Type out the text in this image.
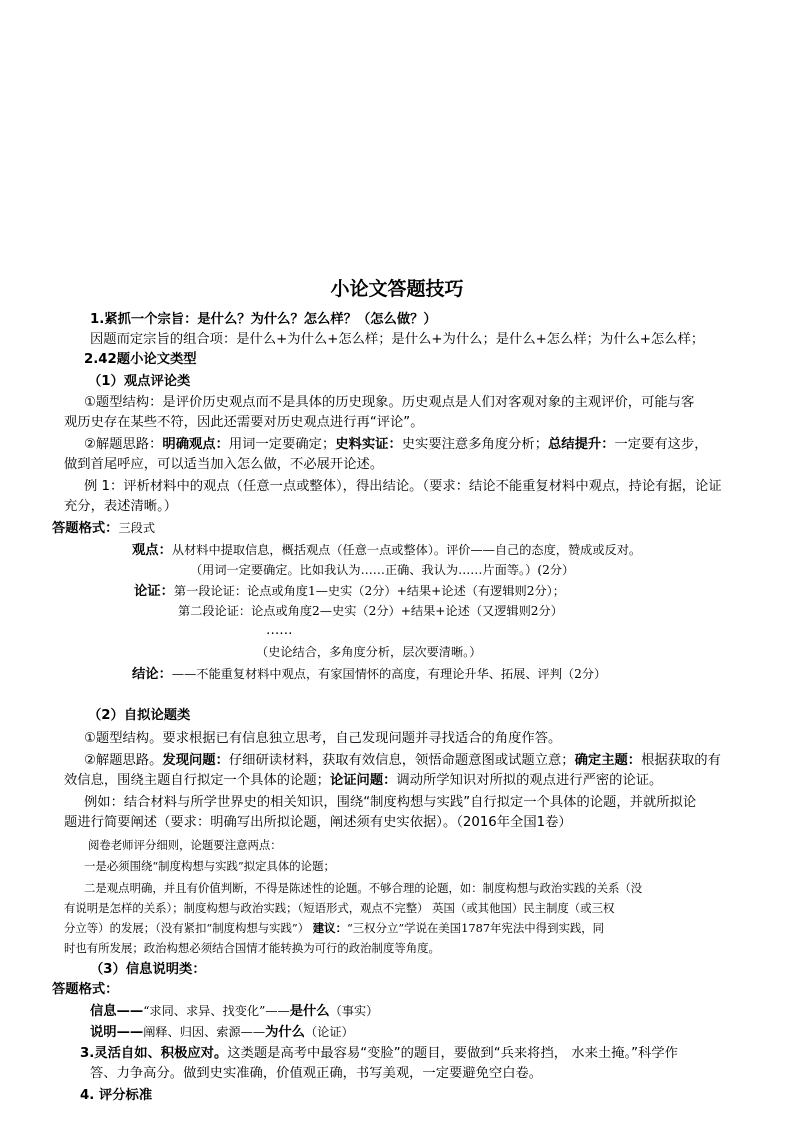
小论文答题技巧
1.紧抓一个宗旨：是什么？为什么？怎么样？（怎么做？）
因题而定宗旨的组合项：是什么+为什么+怎么样；是什么+为什么；是什么+怎么样；为什么+怎么样；
2.42题小论文类型
（1）观点评论类
①题型结构：是评价历史观点而不是具体的历史现象。历史观点是人们对客观对象的主观评价，可能与客
观历史存在某些不符，因此还需要对历史观点进行再“评论”。
②解题思路：明确观点：用词一定要确定；史料实证：史实要注意多角度分析；总结提升：一定要有这步，
做到首尾呼应，可以适当加入怎么做，不必展开论述。
例 1：评析材料中的观点（任意一点或整体），得出结论。（要求：结论不能重复材料中观点，持论有据，论证
充分，表述清晰。）
答题格式：三段式
观点：从材料中提取信息，概括观点（任意一点或整体）。评价——自己的态度，赞成或反对。
（用词一定要确定。比如我认为……正确、我认为……片面等。）(2分）
论证：第一段论证：论点或角度1—史实（2分）+结果+论述（有逻辑则2分）；
第二段论证：论点或角度2—史实（2分）+结果+论述（又逻辑则2分）
……
（史论结合，多角度分析，层次要清晰。）
结论：——不能重复材料中观点，有家国情怀的高度，有理论升华、拓展、评判（2分）
（2）自拟论题类
①题型结构。要求根据已有信息独立思考，自己发现问题并寻找适合的角度作答。
②解题思路。发现问题：仔细研读材料，获取有效信息，领悟命题意图或试题立意；确定主题：根据获取的有
效信息，围绕主题自行拟定一个具体的论题；论证问题：调动所学知识对所拟的观点进行严密的论证。
例如：结合材料与所学世界史的相关知识，围绕“制度构想与实践”自行拟定一个具体的论题，并就所拟论
题进行简要阐述（要求：明确写出所拟论题，阐述须有史实依据）。（2016年全国1卷）
阅卷老师评分细则，论题要注意两点：
一是必须围绕“制度构想与实践”拟定具体的论题；
二是观点明确，并且有价值判断，不得是陈述性的论题。不够合理的论题，如：制度构想与政治实践的关系（没
有说明是怎样的关系）；制度构想与政治实践；（短语形式，观点不完整） 英国（或其他国）民主制度（或三权
分立等）的发展；（没有紧扣“制度构想与实践”） 建议：“三权分立”学说在美国1787年宪法中得到实践，同
时也有所发展；政治构想必须结合国情才能转换为可行的政治制度等角度。
（3）信息说明类：
答题格式：
信息——“求同、求异、找变化”——是什么（事实）
说明——阐释、归因、索源——为什么（论证）
3.灵活自如、积极应对。这类题是高考中最容易“变脸”的题目，要做到“兵来将挡， 水来土掩。”科学作
答、力争高分。做到史实准确，价值观正确，书写美观，一定要避免空白卷。
4. 评分标准
